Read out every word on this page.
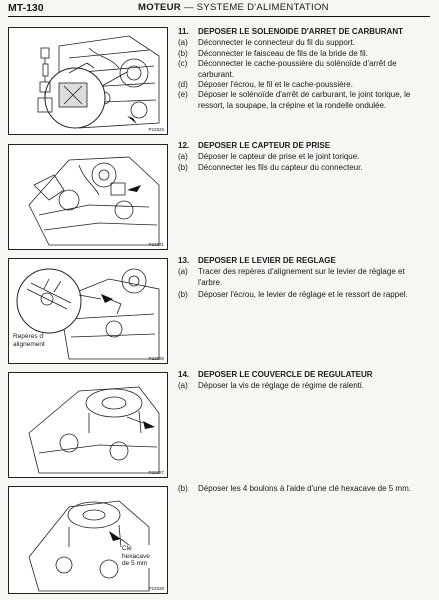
MT-130	MOTEUR — SYSTEME D'ALIMENTATION
P22925
P23331
Repères d'
alignement
P22926
P22927
Clé
hexacave
de 5 mm
P22928
11. DEPOSER LE SOLENOIDE D'ARRET DE CARBURANT
(a)	Déconnecter le connecteur du fil du support.
(b)	Déconnecter le faisceau de fils de la bride de fil.
(c)	Déconnecter le cache-poussière du solénoïde d'arrêt de carburant.
(d)	Déposer l'écrou, le fil et le cache-poussière.
(e)	Déposer le solénoïde d'arrêt de carburant, le joint torique, le ressort, la soupape, la crépine et la rondelle ondulée.
12. DEPOSER LE CAPTEUR DE PRISE
(a)	Déposer le capteur de prise et le joint torique.
(b)	Déconnecter les fils du capteur du connecteur.
13. DEPOSER LE LEVIER DE REGLAGE
(a)	Tracer des repères d'alignement sur le levier de réglage et l'arbre.
(b)	Déposer l'écrou, le levier de réglage et le ressort de rappel.
14. DEPOSER LE COUVERCLE DE REGULATEUR
(a)	Déposer la vis de réglage de régime de ralenti.
(b)	Déposer les 4 boulons à l'aide d'une clé hexacave de 5 mm.
